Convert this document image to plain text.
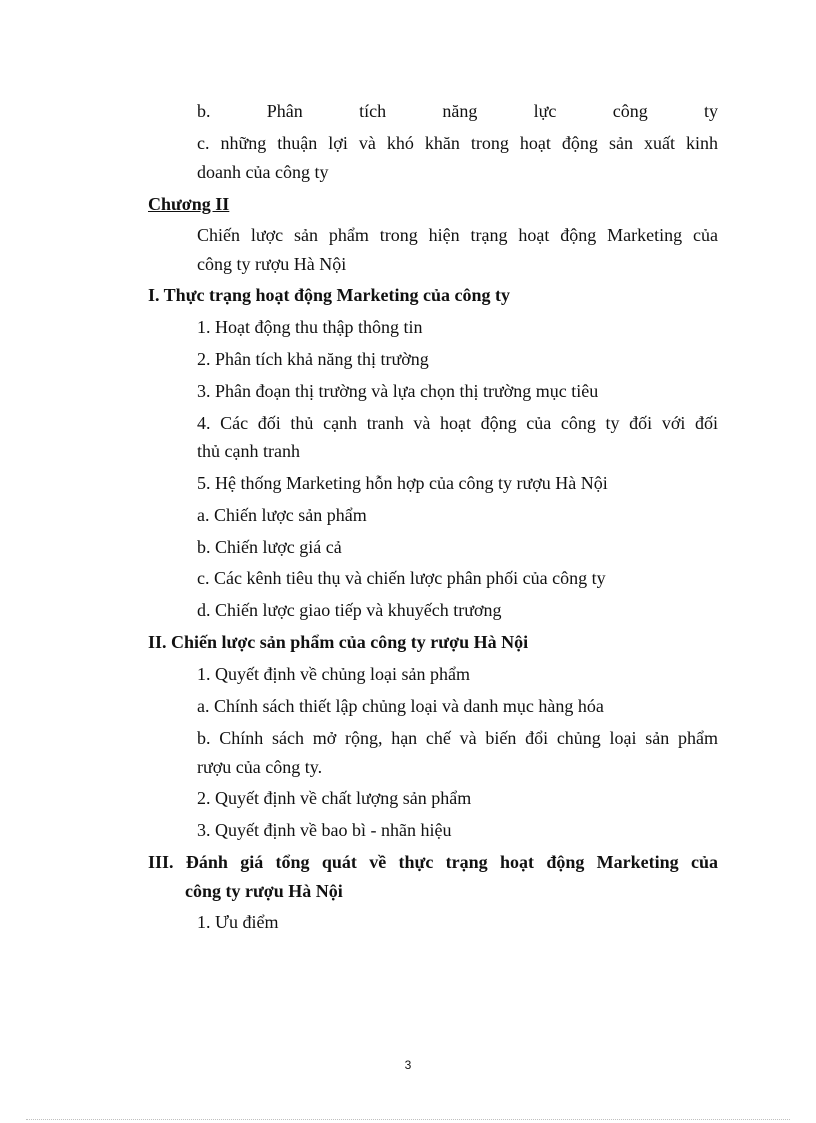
b. Phân tích năng lực công ty

c. những thuận lợi và khó khăn trong hoạt động sản xuất kinh

doanh của công ty

Chương II

Chiến lược sản phẩm trong hiện trạng hoạt động Marketing của

công ty rượu Hà Nội

I. Thực trạng hoạt động Marketing của công ty

1. Hoạt động thu thập thông tin

2. Phân tích khả năng thị trường

3. Phân đoạn thị trường và lựa chọn thị trường mục tiêu

4. Các đối thủ cạnh tranh và hoạt động của công ty đối với đối

thủ cạnh tranh

5. Hệ thống Marketing hỗn hợp của công ty rượu Hà Nội

a. Chiến lược sản phẩm

b. Chiến lược giá cả

c. Các kênh tiêu thụ và chiến lược phân phối của công ty

d. Chiến lược giao tiếp và khuyếch trương

II. Chiến lược sản phẩm của công ty rượu Hà Nội

1. Quyết định về chủng loại sản phẩm

a. Chính sách thiết lập chủng loại và danh mục hàng hóa

b. Chính sách mở rộng, hạn chế và biến đổi chủng loại sản phẩm

rượu của công ty.

2. Quyết định về chất lượng sản phẩm

3. Quyết định về bao bì - nhãn hiệu

III. Đánh giá tổng quát về thực trạng hoạt động Marketing của

công ty rượu Hà Nội

1. Ưu điểm

3
